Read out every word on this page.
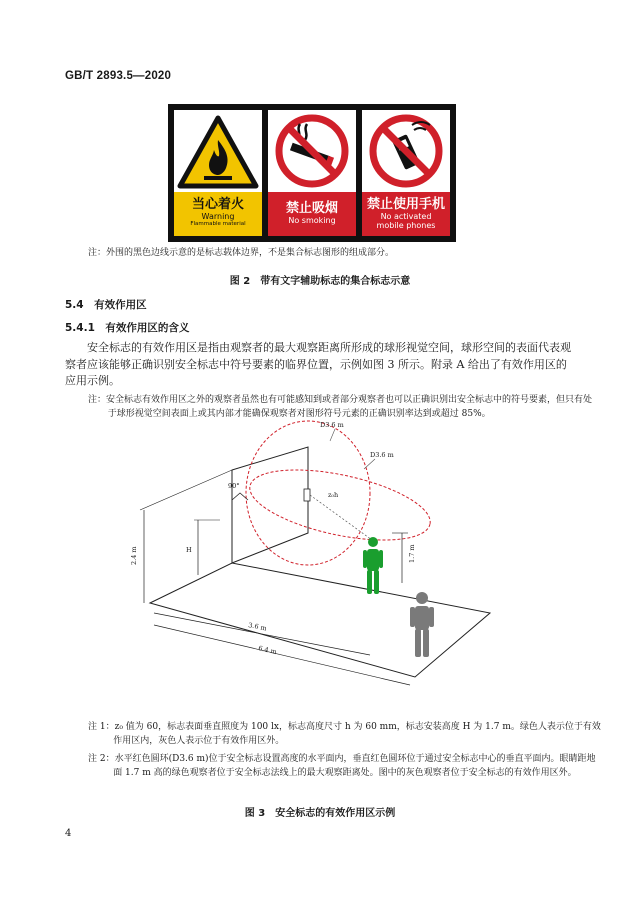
GB/T 2893.5—2020
当心着火
Warning
Flammable material
禁止吸烟
No smoking
禁止使用手机
No activated
mobile phones
注：外围的黑色边线示意的是标志载体边界，不是集合标志图形的组成部分。
图 2　带有文字辅助标志的集合标志示意
5.4　有效作用区
5.4.1　有效作用区的含义
安全标志的有效作用区是指由观察者的最大观察距离所形成的球形视觉空间，球形空间的表面代表观察者应该能够正确识别安全标志中符号要素的临界位置，示例如图 3 所示。附录 A 给出了有效作用区的应用示例。
注：安全标志有效作用区之外的观察者虽然也有可能感知到或者部分观察者也可以正确识别出安全标志中的符号要素，但只有处于球形视觉空间表面上或其内部才能确保观察者对图形符号元素的正确识别率达到或超过 85%。
90°
z₀h
D3.6 m
D3.6 m
H
2.4 m	1.7 m
3.6 m
6.4 m
注 1：z₀ 值为 60，标志表面垂直照度为 100 lx，标志高度尺寸 h 为 60 mm，标志安装高度 H 为 1.7 m。绿色人表示位于有效作用区内，灰色人表示位于有效作用区外。
注 2：水平红色圆环(D3.6 m)位于安全标志设置高度的水平面内，垂直红色圆环位于通过安全标志中心的垂直平面内。眼睛距地面 1.7 m 高的绿色观察者位于安全标志法线上的最大观察距离处。图中的灰色观察者位于安全标志的有效作用区外。
图 3　安全标志的有效作用区示例
4
